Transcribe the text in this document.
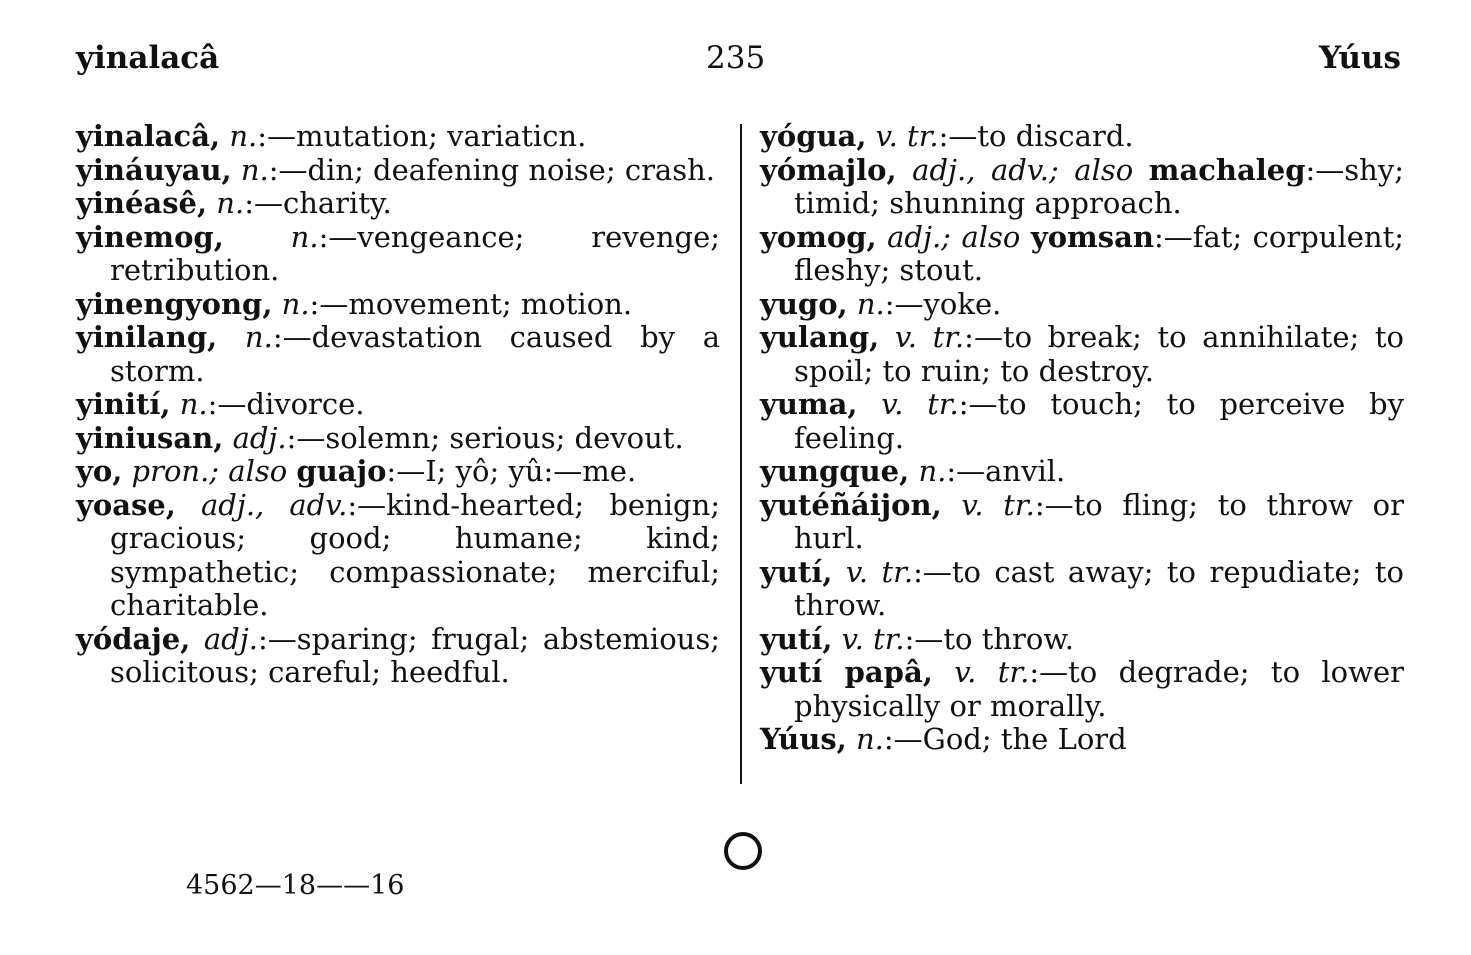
yinalacâ	235	Yúus

yinalacâ, n.:—mutation; variaticn.

yináuyau, n.:—din; deafening noise; crash.

yinéasê, n.:—charity.

yinemog, n.:—vengeance; revenge; retribution.

yinengyong, n.:—movement; motion.

yinilang, n.:—devastation caused by a storm.

yinití, n.:—divorce.

yiniusan, adj.:—solemn; serious; devout.

yo, pron.; also guajo:—I; yô; yû:—me.

yoase, adj., adv.:—kind-hearted; benign; gracious; good; humane; kind; sympathetic; compassionate; merciful; charitable.

yódaje, adj.:—sparing; frugal; abstemious; solicitous; careful; heedful.

yógua, v. tr.:—to discard.

yómajlo, adj., adv.; also machaleg:—shy; timid; shunning approach.

yomog, adj.; also yomsan:—fat; corpulent; fleshy; stout.

yugo, n.:—yoke.

yulang, v. tr.:—to break; to annihilate; to spoil; to ruin; to destroy.

yuma, v. tr.:—to touch; to perceive by feeling.

yungque, n.:—anvil.

yutéñáijon, v. tr.:—to fling; to throw or hurl.

yutí, v. tr.:—to cast away; to repudiate; to throw.

yutí, v. tr.:—to throw.

yutí papâ, v. tr.:—to degrade; to lower physically or morally.

Yúus, n.:—God; the Lord

4562—18——16
